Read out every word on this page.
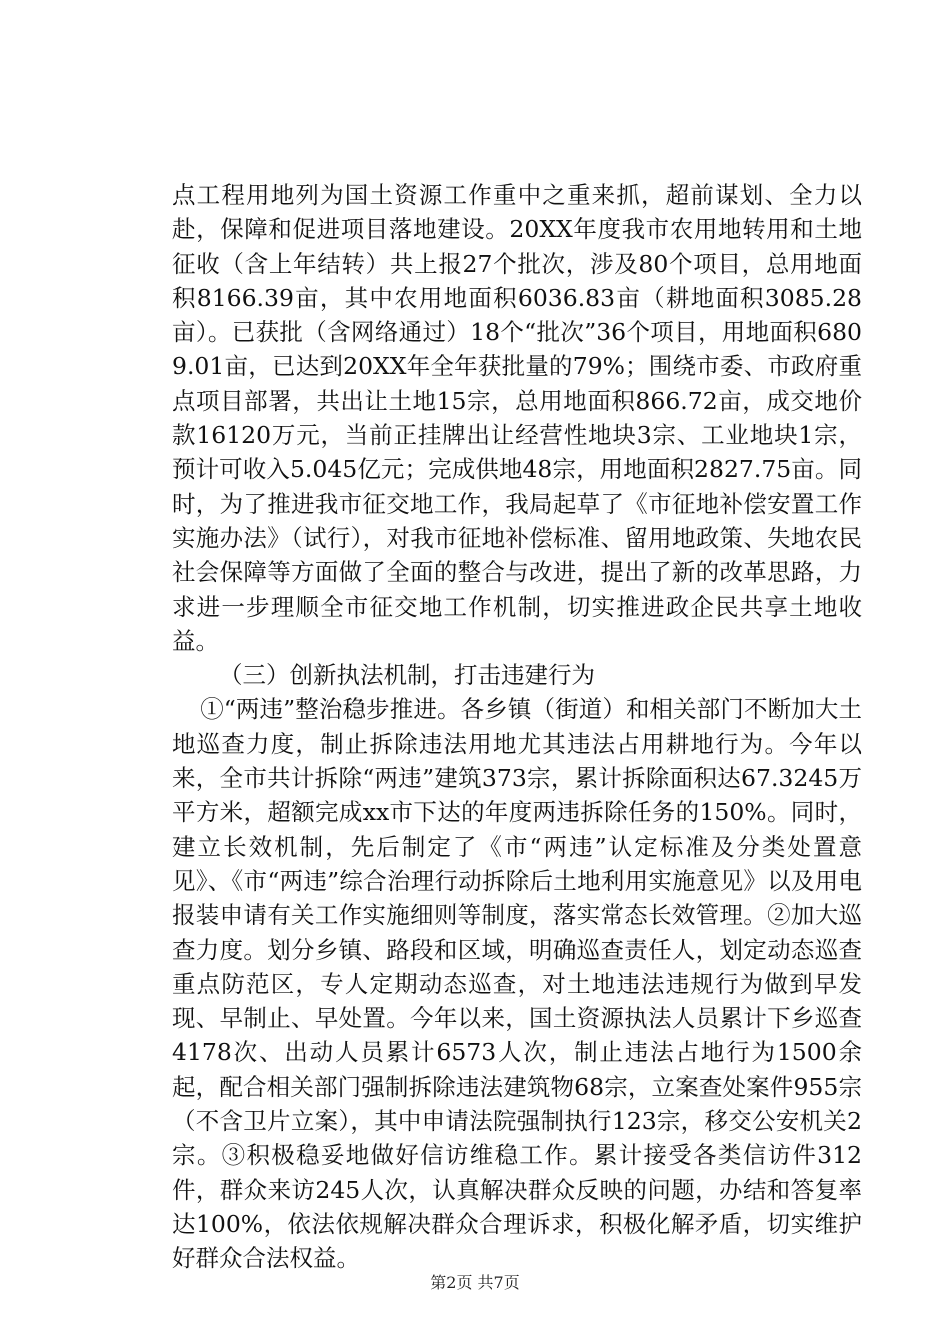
点工程用地列为国土资源工作重中之重来抓，超前谋划、全力以赴，保障和促进项目落地建设。20XX年度我市农用地转用和土地征收（含上年结转）共上报27个批次，涉及80个项目，总用地面积8166.39亩，其中农用地面积6036.83亩（耕地面积3085.28亩）。已获批（含网络通过）18个“批次”36个项目，用地面积6809.01亩，已达到20XX年全年获批量的79%；围绕市委、市政府重点项目部署，共出让土地15宗，总用地面积866.72亩，成交地价款16120万元，当前正挂牌出让经营性地块3宗、工业地块1宗，预计可收入5.045亿元；完成供地48宗，用地面积2827.75亩。同时，为了推进我市征交地工作，我局起草了《市征地补偿安置工作实施办法》（试行），对我市征地补偿标准、留用地政策、失地农民社会保障等方面做了全面的整合与改进，提出了新的改革思路，力求进一步理顺全市征交地工作机制，切实推进政企民共享土地收益。

（三）创新执法机制，打击违建行为

①“两违”整治稳步推进。各乡镇（街道）和相关部门不断加大土地巡查力度，制止拆除违法用地尤其违法占用耕地行为。今年以来，全市共计拆除“两违”建筑373宗，累计拆除面积达67.3245万平方米，超额完成xx市下达的年度两违拆除任务的150%。同时，建立长效机制，先后制定了《市“两违”认定标准及分类处置意见》、《市“两违”综合治理行动拆除后土地利用实施意见》以及用电报装申请有关工作实施细则等制度，落实常态长效管理。②加大巡查力度。划分乡镇、路段和区域，明确巡查责任人，划定动态巡查重点防范区，专人定期动态巡查，对土地违法违规行为做到早发现、早制止、早处置。今年以来，国土资源执法人员累计下乡巡查4178次、出动人员累计6573人次，制止违法占地行为1500余起，配合相关部门强制拆除违法建筑物68宗，立案查处案件955宗（不含卫片立案），其中申请法院强制执行123宗，移交公安机关2宗。③积极稳妥地做好信访维稳工作。累计接受各类信访件312件，群众来访245人次，认真解决群众反映的问题，办结和答复率达100%，依法依规解决群众合理诉求，积极化解矛盾，切实维护好群众合法权益。

第2页 共7页
